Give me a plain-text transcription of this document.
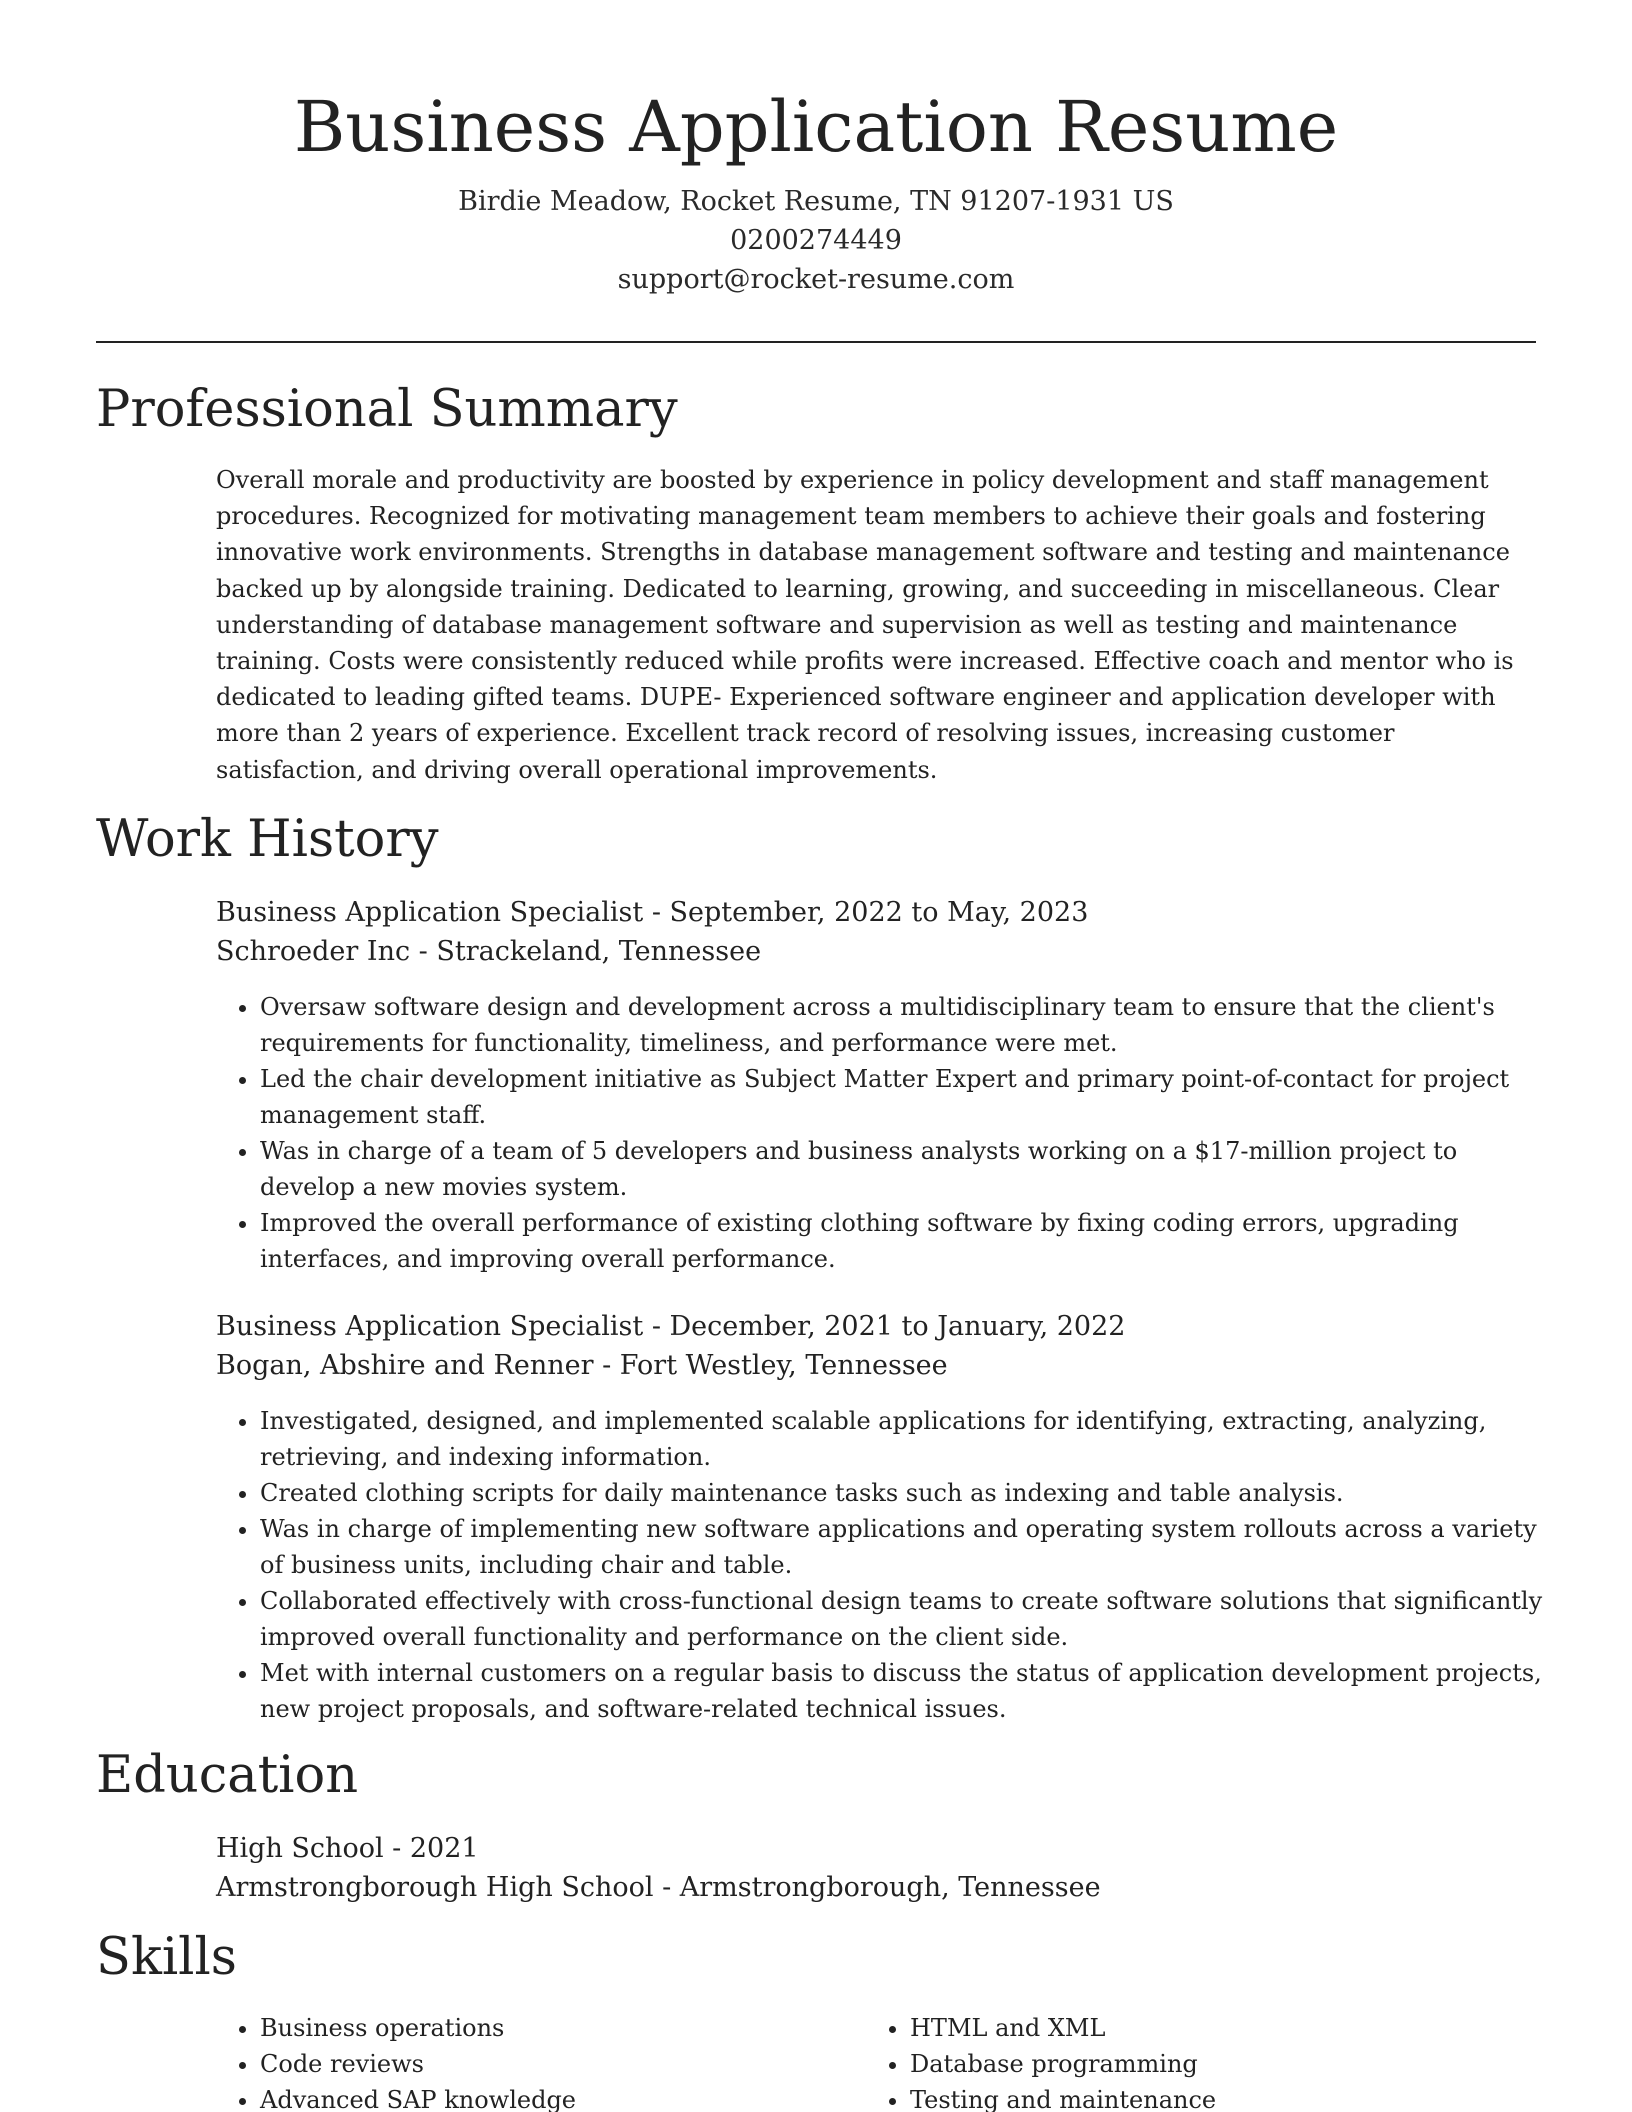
Business Application Resume
Birdie Meadow, Rocket Resume, TN 91207-1931 US
0200274449
support@rocket-resume.com
Professional Summary

Overall morale and productivity are boosted by experience in policy development and staff management procedures. Recognized for motivating management team members to achieve their goals and fostering innovative work environments. Strengths in database management software and testing and maintenance backed up by alongside training. Dedicated to learning, growing, and succeeding in miscellaneous. Clear understanding of database management software and supervision as well as testing and maintenance training. Costs were consistently reduced while profits were increased. Effective coach and mentor who is dedicated to leading gifted teams. DUPE- Experienced software engineer and application developer with more than 2 years of experience. Excellent track record of resolving issues, increasing customer satisfaction, and driving overall operational improvements.

Work History
Business Application Specialist - September, 2022 to May, 2023
Schroeder Inc - Strackeland, Tennessee
• Oversaw software design and development across a multidisciplinary team to ensure that the client's requirements for functionality, timeliness, and performance were met.
• Led the chair development initiative as Subject Matter Expert and primary point-of-contact for project management staff.
• Was in charge of a team of 5 developers and business analysts working on a $17-million project to develop a new movies system.
• Improved the overall performance of existing clothing software by fixing coding errors, upgrading interfaces, and improving overall performance.
Business Application Specialist - December, 2021 to January, 2022
Bogan, Abshire and Renner - Fort Westley, Tennessee
• Investigated, designed, and implemented scalable applications for identifying, extracting, analyzing, retrieving, and indexing information.
• Created clothing scripts for daily maintenance tasks such as indexing and table analysis.
• Was in charge of implementing new software applications and operating system rollouts across a variety of business units, including chair and table.
• Collaborated effectively with cross-functional design teams to create software solutions that significantly improved overall functionality and performance on the client side.
• Met with internal customers on a regular basis to discuss the status of application development projects, new project proposals, and software-related technical issues.
Education
High School - 2021
Armstrongborough High School - Armstrongborough, Tennessee
Skills
• Business operations
• Code reviews
• Advanced SAP knowledge
• HTML and XML
• Database programming
• Testing and maintenance
